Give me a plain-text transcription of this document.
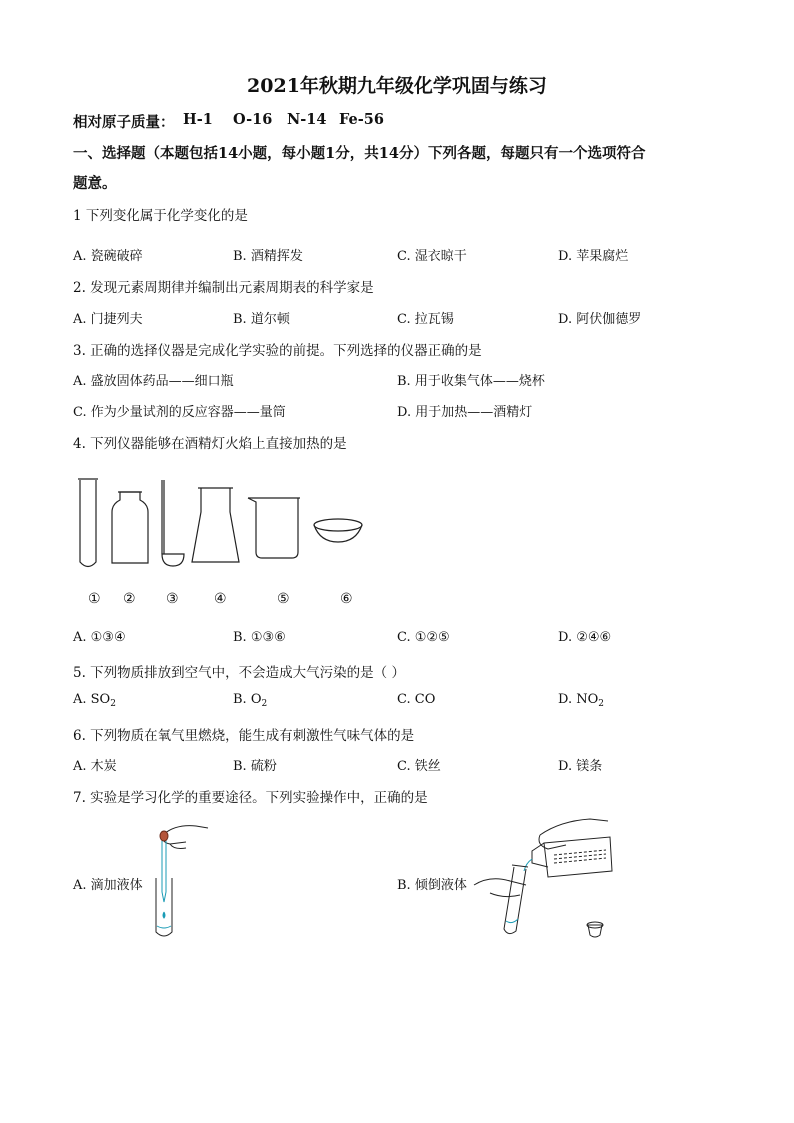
2021年秋期九年级化学巩固与练习
相对原子质量： H-1 O-16 N-14 Fe-56
一、选择题（本题包括14小题，每小题1分，共14分）下列各题，每题只有一个选项符合
题意。
1 下列变化属于化学变化的是
A. 瓷碗破碎	B. 酒精挥发	C. 湿衣晾干	D. 苹果腐烂
2. 发现元素周期律并编制出元素周期表的科学家是
A. 门捷列夫	B. 道尔顿	C. 拉瓦锡	D. 阿伏伽德罗
3. 正确的选择仪器是完成化学实验的前提。下列选择的仪器正确的是
A. 盛放固体药品——细口瓶	B. 用于收集气体——烧杯
C. 作为少量试剂的反应容器——量筒	D. 用于加热——酒精灯
4. 下列仪器能够在酒精灯火焰上直接加热的是
① ② ③	④	⑤	⑥
A. ①③④	B. ①③⑥	C. ①②⑤	D. ②④⑥
5. 下列物质排放到空气中，不会造成大气污染的是（ ）
A. $SO_2$	B. $O_2$	C. CO	D. $NO_2$
6. 下列物质在氧气里燃烧，能生成有刺激性气味气体的是
A. 木炭	B. 硫粉	C. 铁丝	D. 镁条
7. 实验是学习化学的重要途径。下列实验操作中，正确的是
A. 滴加液体	B. 倾倒液体
